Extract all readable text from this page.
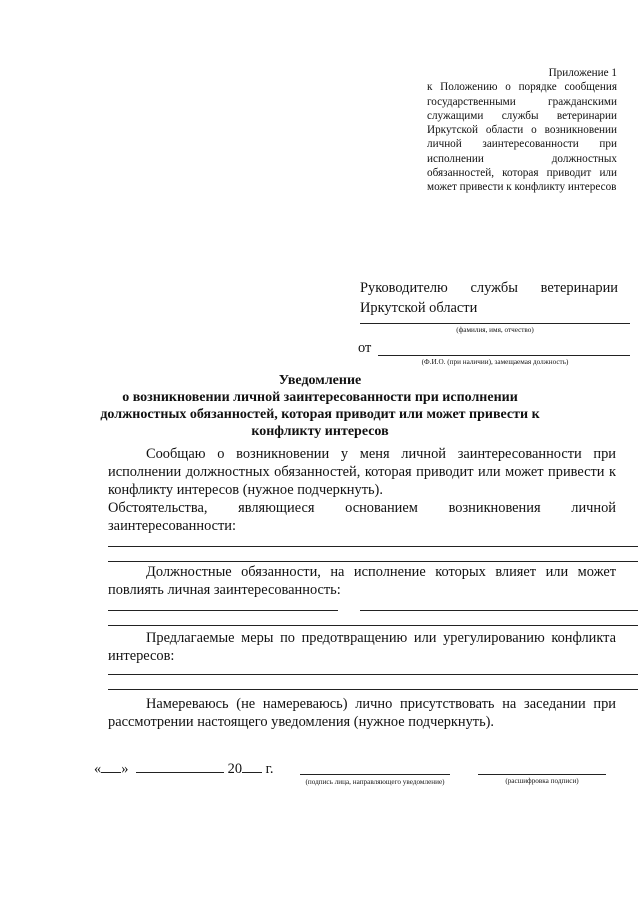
Приложение 1
к Положению о порядке сообщения государственными гражданскими служащими службы ветеринарии Иркутской области о возникновении личной заинтересованности при исполнении должностных обязанностей, которая приводит или может привести к конфликту интересов
Руководителю службы ветеринарии Иркутской области
(фамилия, имя, отчество)
от
(Ф.И.О. (при наличии), замещаемая должность)
Уведомление
о возникновении личной заинтересованности при исполнении должностных обязанностей, которая приводит или может привести к конфликту интересов
Сообщаю о возникновении у меня личной заинтересованности при исполнении должностных обязанностей, которая приводит или может привести к конфликту интересов (нужное подчеркнуть).
Обстоятельства, являющиеся основанием возникновения личной заинтересованности:
Должностные обязанности, на исполнение которых влияет или может повлиять личная заинтересованность:
Предлагаемые меры по предотвращению или урегулированию конфликта интересов:
Намереваюсь (не намереваюсь) лично присутствовать на заседании при рассмотрении настоящего уведомления (нужное подчеркнуть).
« »	20 г.
(подпись лица, направляющего уведомление)	(расшифровка подписи)
